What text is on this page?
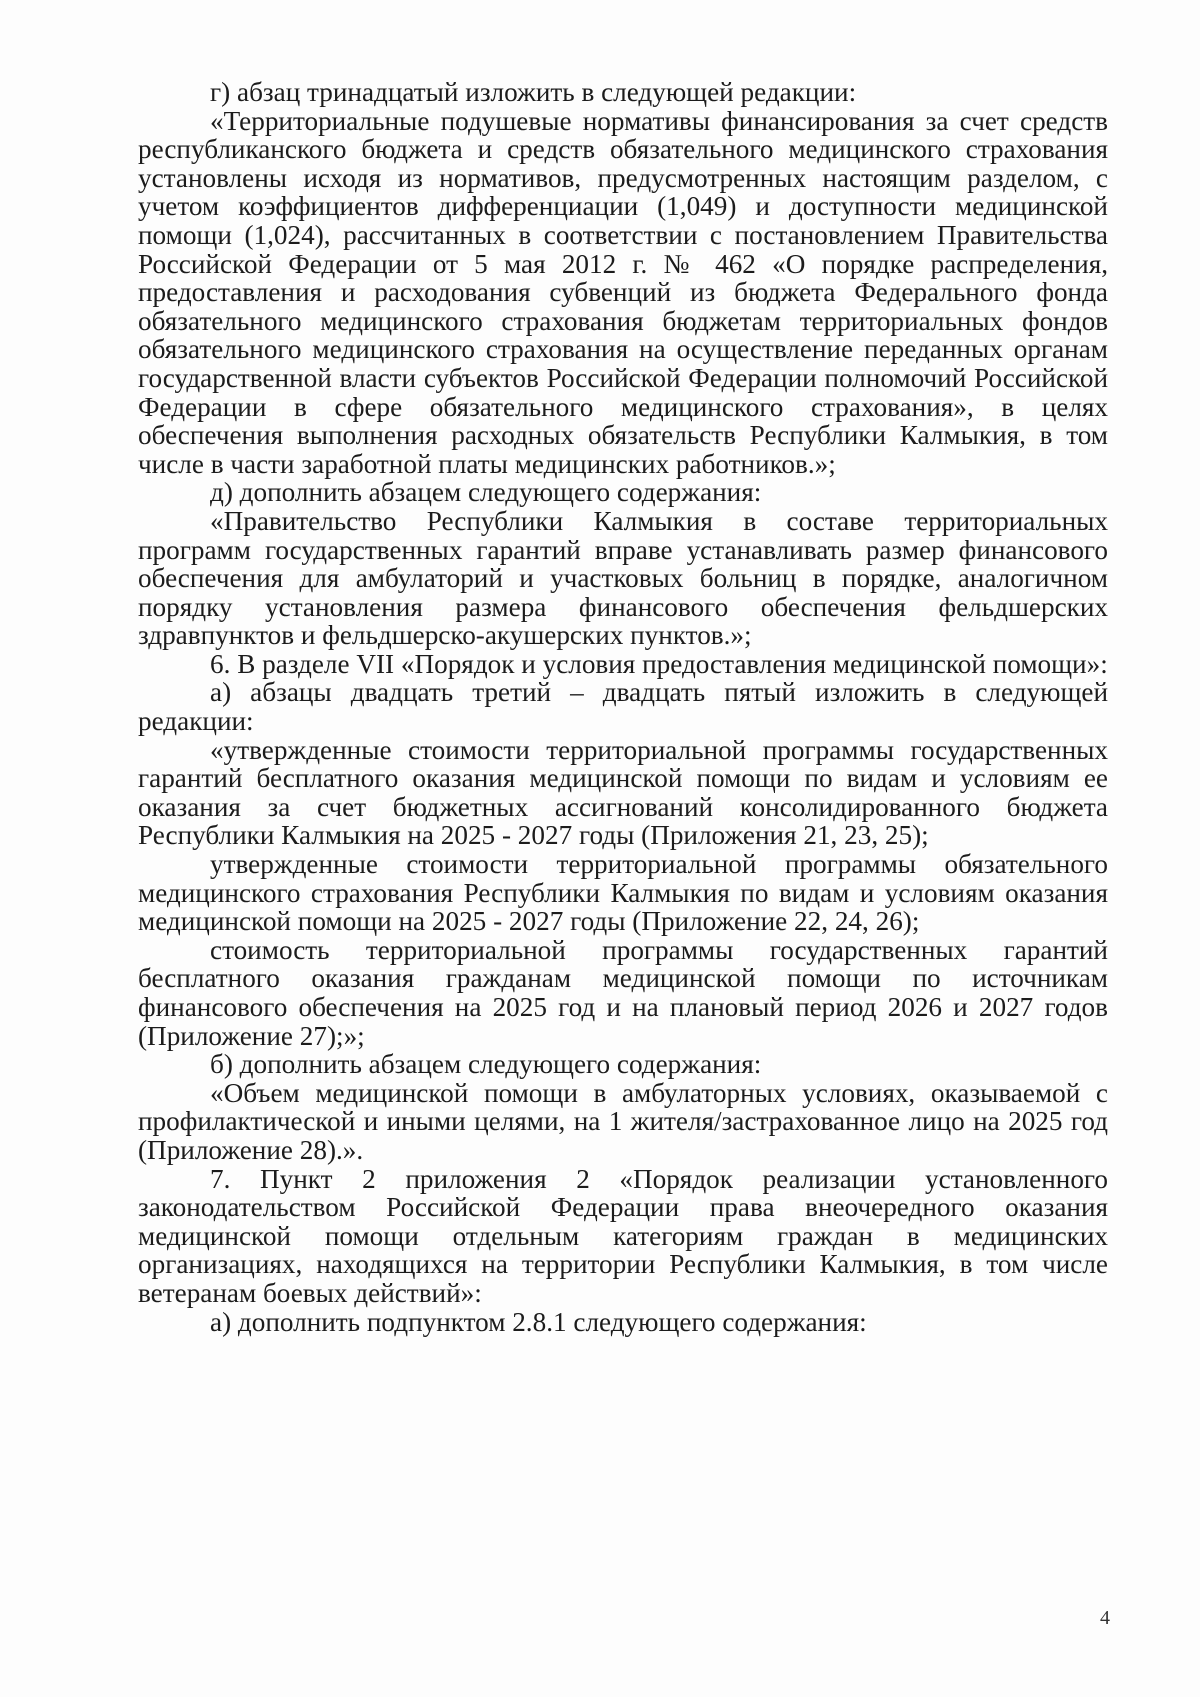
г) абзац тринадцатый изложить в следующей редакции:

«Территориальные подушевые нормативы финансирования за счет средств республиканского бюджета и средств обязательного медицинского страхования установлены исходя из нормативов, предусмотренных настоящим разделом, с учетом коэффициентов дифференциации (1,049) и доступности медицинской помощи (1,024), рассчитанных в соответствии с постановлением Правительства Российской Федерации от 5 мая 2012 г. № 462 «О порядке распределения, предоставления и расходования субвенций из бюджета Федерального фонда обязательного медицинского страхования бюджетам территориальных фондов обязательного медицинского страхования на осуществление переданных органам государственной власти субъектов Российской Федерации полномочий Российской Федерации в сфере обязательного медицинского страхования», в целях обеспечения выполнения расходных обязательств Республики Калмыкия, в том числе в части заработной платы медицинских работников.»;

д) дополнить абзацем следующего содержания:

«Правительство Республики Калмыкия в составе территориальных программ государственных гарантий вправе устанавливать размер финансового обеспечения для амбулаторий и участковых больниц в порядке, аналогичном порядку установления размера финансового обеспечения фельдшерских здравпунктов и фельдшерско-акушерских пунктов.»;

6. В разделе VII «Порядок и условия предоставления медицинской помощи»:

а) абзацы двадцать третий – двадцать пятый изложить в следующей редакции:

«утвержденные стоимости территориальной программы государственных гарантий бесплатного оказания медицинской помощи по видам и условиям ее оказания за счет бюджетных ассигнований консолидированного бюджета Республики Калмыкия на 2025 - 2027 годы (Приложения 21, 23, 25);

утвержденные стоимости территориальной программы обязательного медицинского страхования Республики Калмыкия по видам и условиям оказания медицинской помощи на 2025 - 2027 годы (Приложение 22, 24, 26);

стоимость территориальной программы государственных гарантий бесплатного оказания гражданам медицинской помощи по источникам финансового обеспечения на 2025 год и на плановый период 2026 и 2027 годов (Приложение 27);»;

б) дополнить абзацем следующего содержания:

«Объем медицинской помощи в амбулаторных условиях, оказываемой с профилактической и иными целями, на 1 жителя/застрахованное лицо на 2025 год (Приложение 28).».

7. Пункт 2 приложения 2 «Порядок реализации установленного законодательством Российской Федерации права внеочередного оказания медицинской помощи отдельным категориям граждан в медицинских организациях, находящихся на территории Республики Калмыкия, в том числе ветеранам боевых действий»:

а) дополнить подпунктом 2.8.1 следующего содержания:

4
